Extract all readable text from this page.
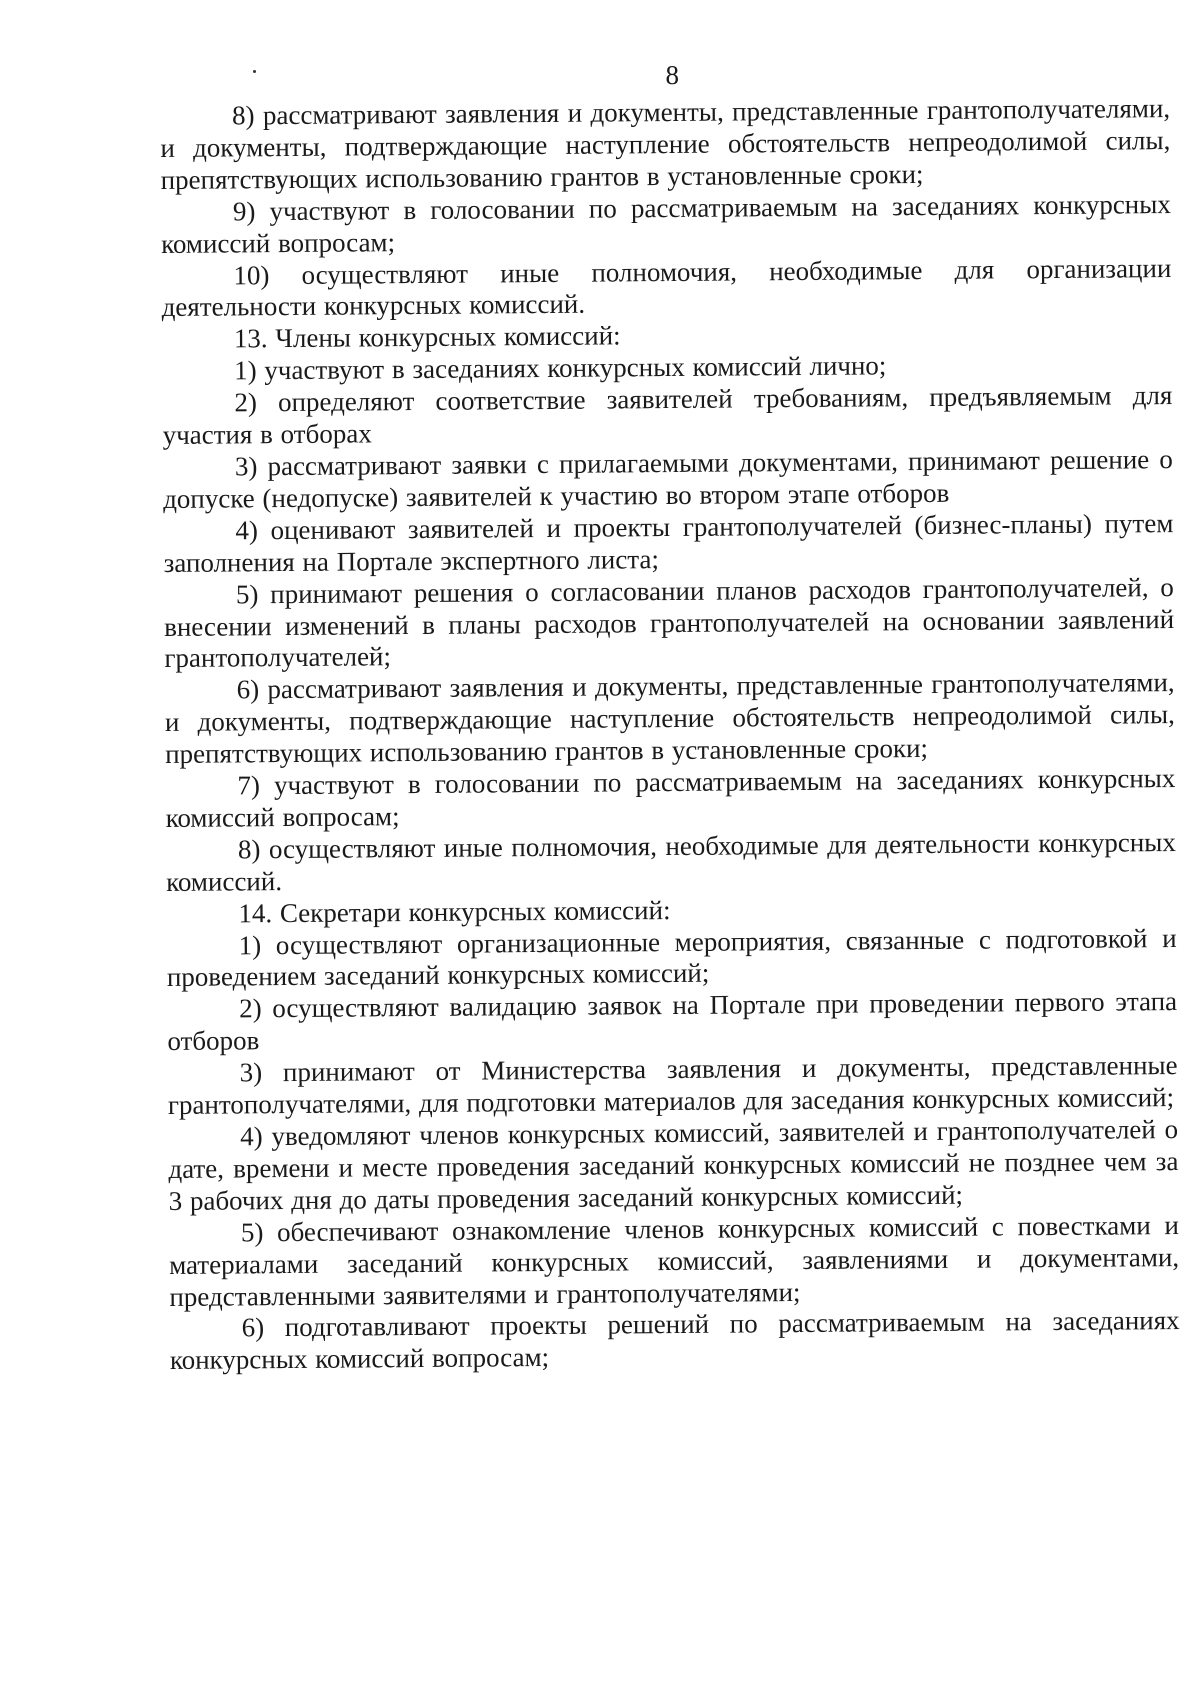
8

8) рассматривают заявления и документы, представленные грантополучателями, и документы, подтверждающие наступление обстоятельств непреодолимой силы, препятствующих использованию грантов в установленные сроки;

9) участвуют в голосовании по рассматриваемым на заседаниях конкурсных комиссий вопросам;

10) осуществляют иные полномочия, необходимые для организации деятельности конкурсных комиссий.

13. Члены конкурсных комиссий:

1) участвуют в заседаниях конкурсных комиссий лично;

2) определяют соответствие заявителей требованиям, предъявляемым для участия в отборах

3) рассматривают заявки с прилагаемыми документами, принимают решение о допуске (недопуске) заявителей к участию во втором этапе отборов

4) оценивают заявителей и проекты грантополучателей (бизнес-планы) путем заполнения на Портале экспертного листа;

5) принимают решения о согласовании планов расходов грантополучателей, о внесении изменений в планы расходов грантополучателей на основании заявлений грантополучателей;

6) рассматривают заявления и документы, представленные грантополучателями, и документы, подтверждающие наступление обстоятельств непреодолимой силы, препятствующих использованию грантов в установленные сроки;

7) участвуют в голосовании по рассматриваемым на заседаниях конкурсных комиссий вопросам;

8) осуществляют иные полномочия, необходимые для деятельности конкурсных комиссий.

14. Секретари конкурсных комиссий:

1) осуществляют организационные мероприятия, связанные с подготовкой и проведением заседаний конкурсных комиссий;

2) осуществляют валидацию заявок на Портале при проведении первого этапа отборов

3) принимают от Министерства заявления и документы, представленные грантополучателями, для подготовки материалов для заседания конкурсных комиссий;

4) уведомляют членов конкурсных комиссий, заявителей и грантополучателей о дате, времени и месте проведения заседаний конкурсных комиссий не позднее чем за 3 рабочих дня до даты проведения заседаний конкурсных комиссий;

5) обеспечивают ознакомление членов конкурсных комиссий с повестками и материалами заседаний конкурсных комиссий, заявлениями и документами, представленными заявителями и грантополучателями;

6) подготавливают проекты решений по рассматриваемым на заседаниях конкурсных комиссий вопросам;
